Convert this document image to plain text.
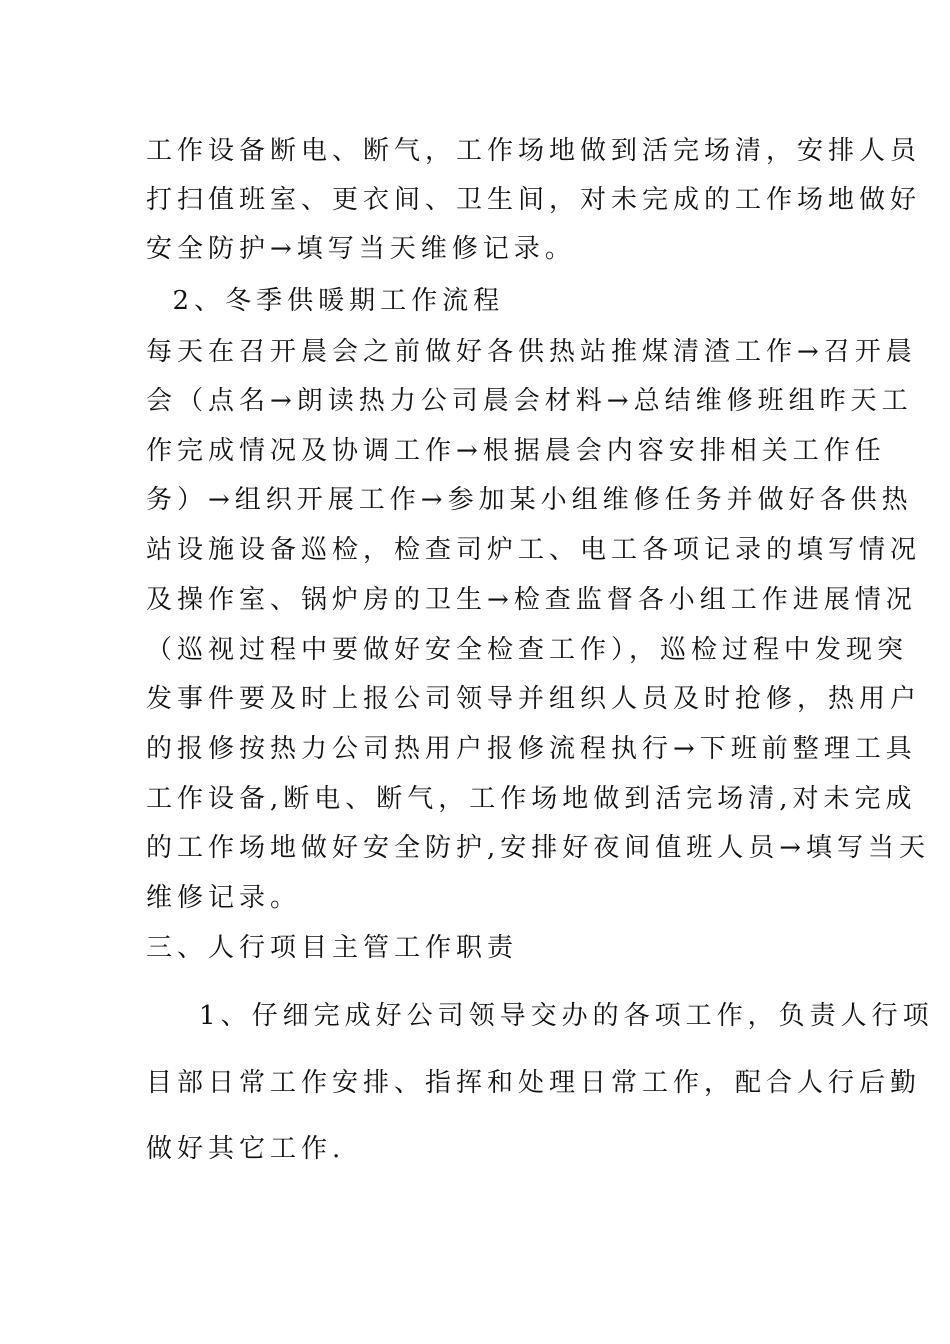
工作设备断电、断气，工作场地做到活完场清，安排人员
打扫值班室、更衣间、卫生间，对未完成的工作场地做好
安全防护→填写当天维修记录。
2、冬季供暖期工作流程
每天在召开晨会之前做好各供热站推煤清渣工作→召开晨
会（点名→朗读热力公司晨会材料→总结维修班组昨天工
作完成情况及协调工作→根据晨会内容安排相关工作任
务）→组织开展工作→参加某小组维修任务并做好各供热
站设施设备巡检，检查司炉工、电工各项记录的填写情况
及操作室、锅炉房的卫生→检查监督各小组工作进展情况
（巡视过程中要做好安全检查工作），巡检过程中发现突
发事件要及时上报公司领导并组织人员及时抢修，热用户
的报修按热力公司热用户报修流程执行→下班前整理工具
工作设备,断电、断气，工作场地做到活完场清,对未完成
的工作场地做好安全防护,安排好夜间值班人员→填写当天
维修记录。
三、人行项目主管工作职责
1、仔细完成好公司领导交办的各项工作，负责人行项
目部日常工作安排、指挥和处理日常工作，配合人行后勤
做好其它工作.
